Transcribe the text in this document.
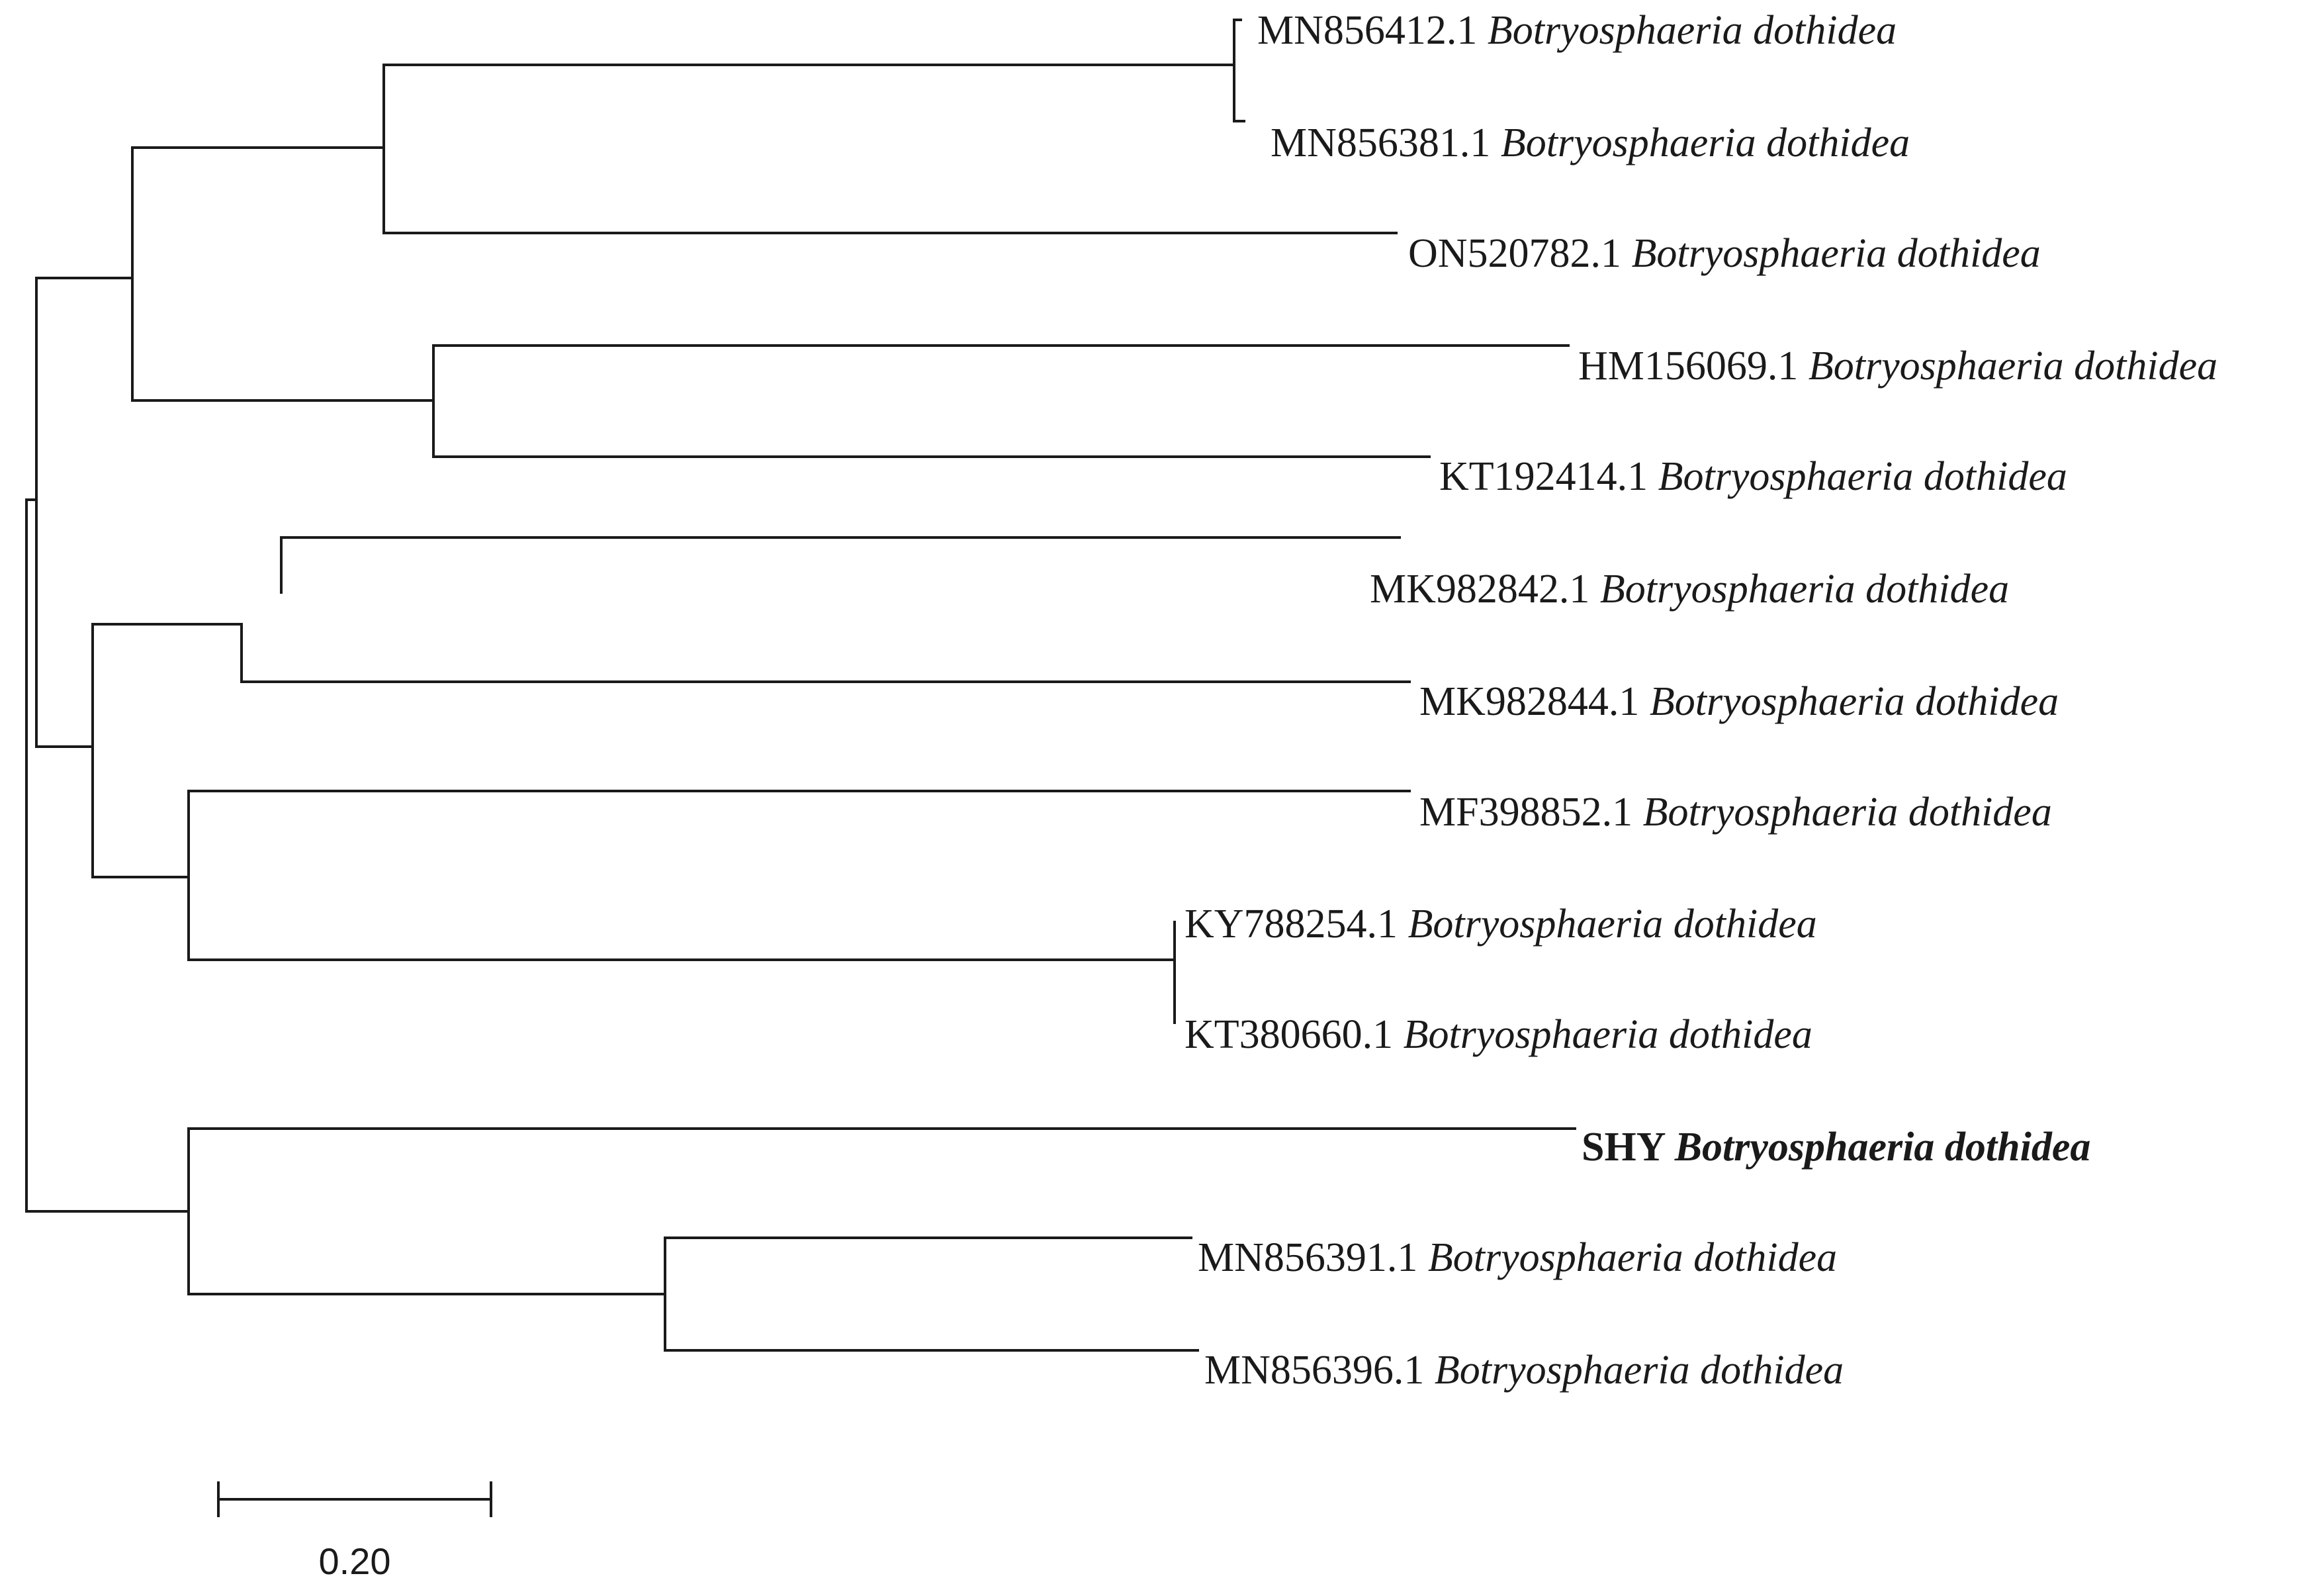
MN856412.1 Botryosphaeria dothidea
MN856381.1 Botryosphaeria dothidea
ON520782.1 Botryosphaeria dothidea
HM156069.1 Botryosphaeria dothidea
KT192414.1 Botryosphaeria dothidea
MK982842.1 Botryosphaeria dothidea
MK982844.1 Botryosphaeria dothidea
MF398852.1 Botryosphaeria dothidea
KY788254.1 Botryosphaeria dothidea
KT380660.1 Botryosphaeria dothidea
SHY Botryosphaeria dothidea
MN856391.1 Botryosphaeria dothidea
MN856396.1 Botryosphaeria dothidea
0.20
